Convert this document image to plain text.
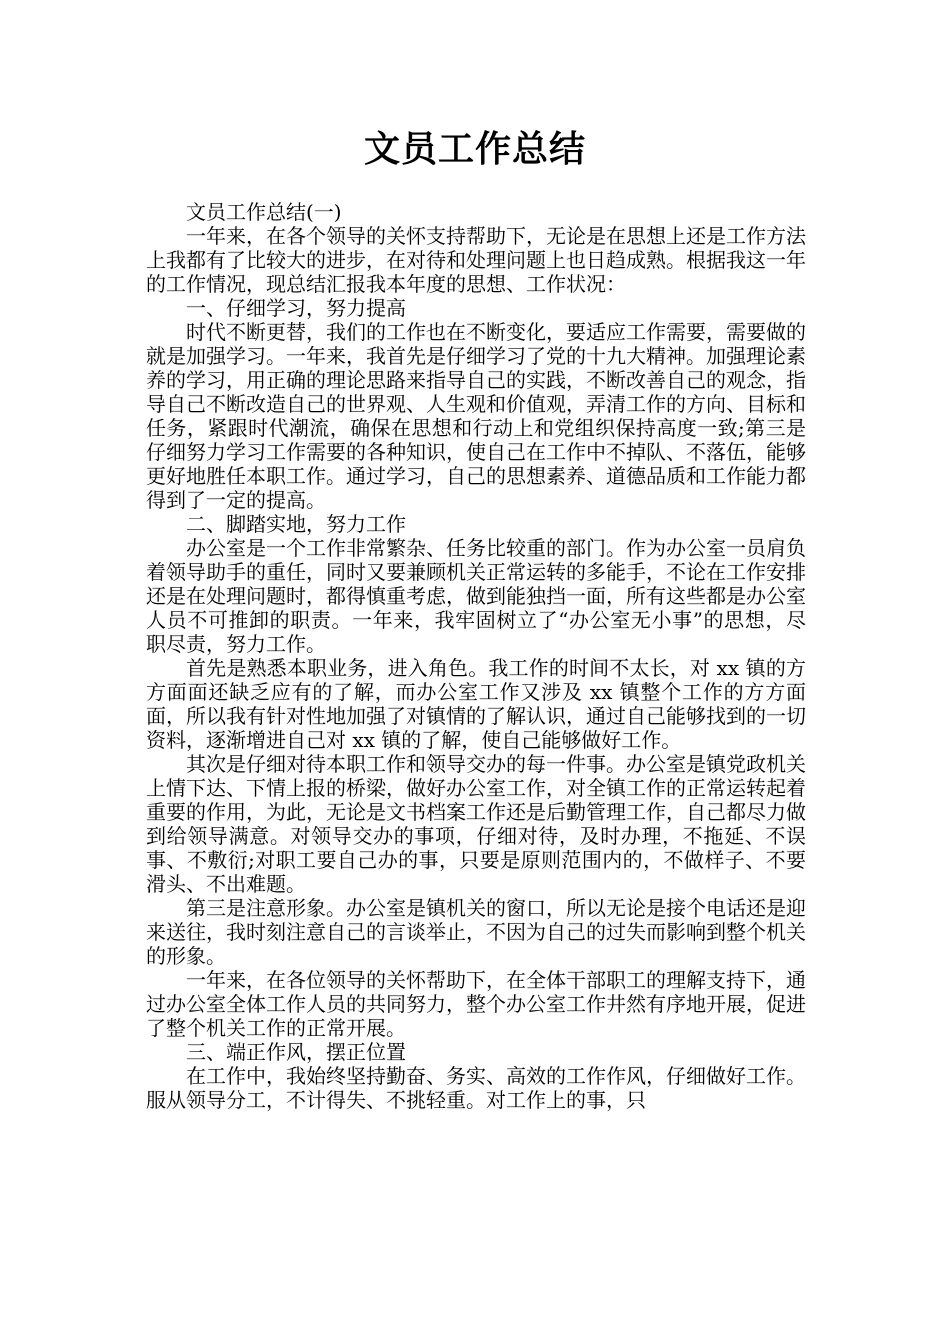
文员工作总结

文员工作总结(一)

一年来，在各个领导的关怀支持帮助下，无论是在思想上还是工作方法上我都有了比较大的进步，在对待和处理问题上也日趋成熟。根据我这一年的工作情况，现总结汇报我本年度的思想、工作状况：

一、仔细学习，努力提高

时代不断更替，我们的工作也在不断变化，要适应工作需要，需要做的就是加强学习。一年来，我首先是仔细学习了党的十九大精神。加强理论素养的学习，用正确的理论思路来指导自己的实践，不断改善自己的观念，指导自己不断改造自己的世界观、人生观和价值观，弄清工作的方向、目标和任务，紧跟时代潮流，确保在思想和行动上和党组织保持高度一致;第三是仔细努力学习工作需要的各种知识，使自己在工作中不掉队、不落伍，能够更好地胜任本职工作。通过学习，自己的思想素养、道德品质和工作能力都得到了一定的提高。

二、脚踏实地，努力工作

办公室是一个工作非常繁杂、任务比较重的部门。作为办公室一员肩负着领导助手的重任，同时又要兼顾机关正常运转的多能手，不论在工作安排还是在处理问题时，都得慎重考虑，做到能独挡一面，所有这些都是办公室人员不可推卸的职责。一年来，我牢固树立了“办公室无小事”的思想，尽职尽责，努力工作。

首先是熟悉本职业务，进入角色。我工作的时间不太长，对 xx 镇的方方面面还缺乏应有的了解，而办公室工作又涉及 xx 镇整个工作的方方面面，所以我有针对性地加强了对镇情的了解认识，通过自己能够找到的一切资料，逐渐增进自己对 xx 镇的了解，使自己能够做好工作。

其次是仔细对待本职工作和领导交办的每一件事。办公室是镇党政机关上情下达、下情上报的桥梁，做好办公室工作，对全镇工作的正常运转起着重要的作用，为此，无论是文书档案工作还是后勤管理工作，自己都尽力做到给领导满意。对领导交办的事项，仔细对待，及时办理，不拖延、不误事、不敷衍;对职工要自己办的事，只要是原则范围内的，不做样子、不要滑头、不出难题。

第三是注意形象。办公室是镇机关的窗口，所以无论是接个电话还是迎来送往，我时刻注意自己的言谈举止，不因为自己的过失而影响到整个机关的形象。

一年来，在各位领导的关怀帮助下，在全体干部职工的理解支持下，通过办公室全体工作人员的共同努力，整个办公室工作井然有序地开展，促进了整个机关工作的正常开展。

三、端正作风，摆正位置

在工作中，我始终坚持勤奋、务实、高效的工作作风，仔细做好工作。服从领导分工，不计得失、不挑轻重。对工作上的事，只
